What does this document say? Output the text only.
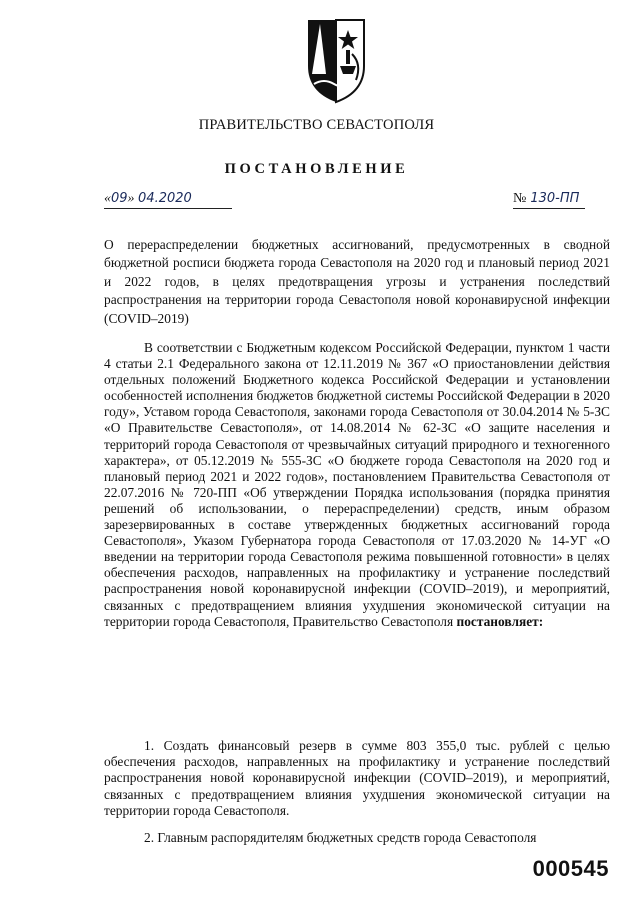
ПРАВИТЕЛЬСТВО СЕВАСТОПОЛЯ
ПОСТАНОВЛЕНИЕ
«09» 04.2020	№ 130-ПП
О перераспределении бюджетных ассигнований, предусмотренных в сводной бюджетной росписи бюджета города Севастополя на 2020 год и плановый период 2021 и 2022 годов, в целях предотвращения угрозы и устранения последствий распространения на территории города Севастополя новой коронавирусной инфекции (COVID–2019)
В соответствии с Бюджетным кодексом Российской Федерации, пунктом 1 части 4 статьи 2.1 Федерального закона от 12.11.2019 № 367 «О приостановлении действия отдельных положений Бюджетного кодекса Российской Федерации и установлении особенностей исполнения бюджетов бюджетной системы Российской Федерации в 2020 году», Уставом города Севастополя, законами города Севастополя от 30.04.2014 № 5-ЗС «О Правительстве Севастополя», от 14.08.2014 № 62-ЗС «О защите населения и территорий города Севастополя от чрезвычайных ситуаций природного и техногенного характера», от 05.12.2019 № 555-ЗС «О бюджете города Севастополя на 2020 год и плановый период 2021 и 2022 годов», постановлением Правительства Севастополя от 22.07.2016 № 720-ПП «Об утверждении Порядка использования (порядка принятия решений об использовании, о перераспределении) средств, иным образом зарезервированных в составе утвержденных бюджетных ассигнований города Севастополя», Указом Губернатора города Севастополя от 17.03.2020 № 14-УГ «О введении на территории города Севастополя режима повышенной готовности» в целях обеспечения расходов, направленных на профилактику и устранение последствий распространения новой коронавирусной инфекции (COVID–2019), и мероприятий, связанных с предотвращением влияния ухудшения экономической ситуации на территории города Севастополя, Правительство Севастополя постановляет:
1. Создать финансовый резерв в сумме 803 355,0 тыс. рублей с целью обеспечения расходов, направленных на профилактику и устранение последствий распространения новой коронавирусной инфекции (COVID–2019), и мероприятий, связанных с предотвращением влияния ухудшения экономической ситуации на территории города Севастополя.
2. Главным распорядителям бюджетных средств города Севастополя
000545
